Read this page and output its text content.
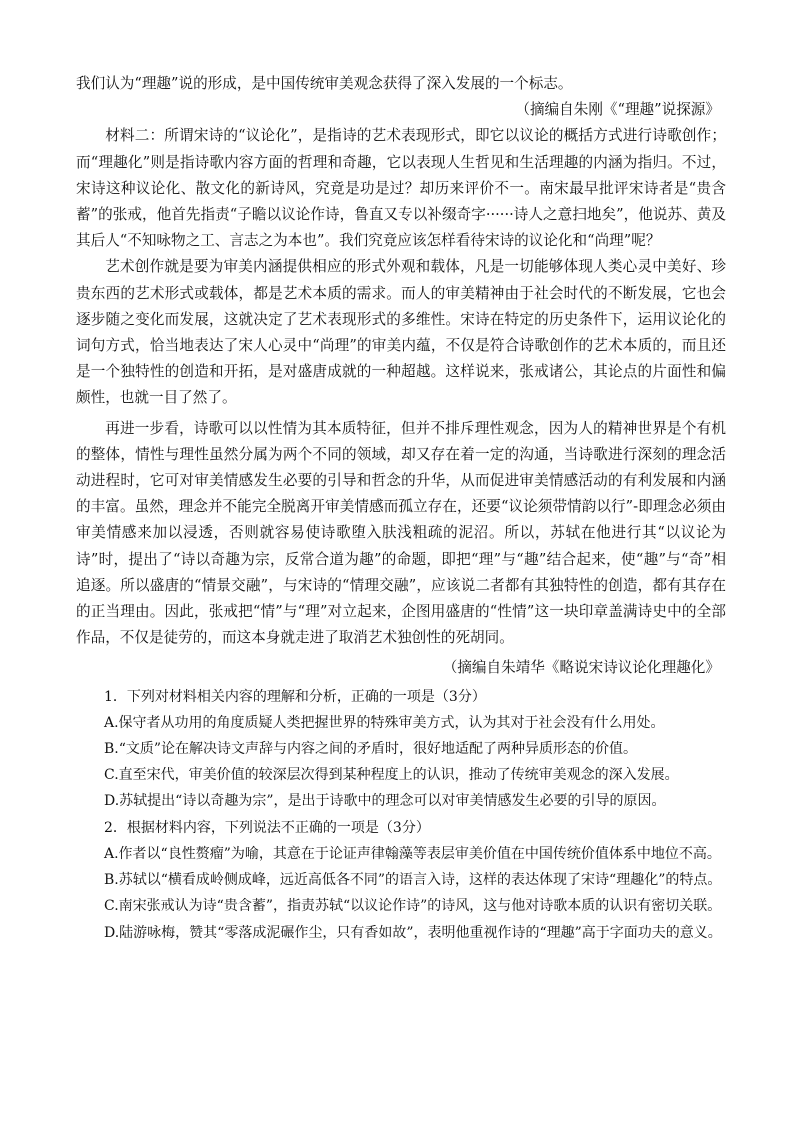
我们认为“理趣”说的形成，是中国传统审美观念获得了深入发展的一个标志。

（摘编自朱刚《“理趣”说探源》

材料二：所谓宋诗的“议论化”，是指诗的艺术表现形式，即它以议论的概括方式进行诗歌创作；而“理趣化”则是指诗歌内容方面的哲理和奇趣，它以表现人生哲见和生活理趣的内涵为指归。不过，宋诗这种议论化、散文化的新诗风，究竟是功是过？却历来评价不一。南宋最早批评宋诗者是“贵含蓄”的张戒，他首先指责“子瞻以议论作诗，鲁直又专以补缀奇字······诗人之意扫地矣”，他说苏、黄及其后人“不知咏物之工、言志之为本也”。我们究竟应该怎样看待宋诗的议论化和“尚理”呢？

艺术创作就是要为审美内涵提供相应的形式外观和载体，凡是一切能够体现人类心灵中美好、珍贵东西的艺术形式或载体，都是艺术本质的需求。而人的审美精神由于社会时代的不断发展，它也会逐步随之变化而发展，这就决定了艺术表现形式的多维性。宋诗在特定的历史条件下，运用议论化的词句方式，恰当地表达了宋人心灵中“尚理”的审美内蕴，不仅是符合诗歌创作的艺术本质的，而且还是一个独特性的创造和开拓，是对盛唐成就的一种超越。这样说来，张戒诸公，其论点的片面性和偏颇性，也就一目了然了。

再进一步看，诗歌可以以性情为其本质特征，但并不排斥理性观念，因为人的精神世界是个有机的整体，情性与理性虽然分属为两个不同的领域，却又存在着一定的沟通，当诗歌进行深刻的理念活动进程时，它可对审美情感发生必要的引导和哲念的升华，从而促进审美情感活动的有利发展和内涵的丰富。虽然，理念并不能完全脱离开审美情感而孤立存在，还要“议论须带情韵以行”-即理念必须由审美情感来加以浸透，否则就容易使诗歌堕入肤浅粗疏的泥沼。所以，苏轼在他进行其“以议论为诗”时，提出了“诗以奇趣为宗，反常合道为趣”的命题，即把“理”与“趣”结合起来，使“趣”与“奇”相追逐。所以盛唐的“情景交融”，与宋诗的“情理交融”，应该说二者都有其独特性的创造，都有其存在的正当理由。因此，张戒把“情”与“理”对立起来，企图用盛唐的“性情”这一块印章盖满诗史中的全部作品，不仅是徒劳的，而这本身就走进了取消艺术独创性的死胡同。

（摘编自朱靖华《略说宋诗议论化理趣化》

1．下列对材料相关内容的理解和分析，正确的一项是（3分）

A.保守者从功用的角度质疑人类把握世界的特殊审美方式，认为其对于社会没有什么用处。

B.“文质”论在解决诗文声辞与内容之间的矛盾时，很好地适配了两种异质形态的价值。

C.直至宋代，审美价值的较深层次得到某种程度上的认识，推动了传统审美观念的深入发展。

D.苏轼提出“诗以奇趣为宗”，是出于诗歌中的理念可以对审美情感发生必要的引导的原因。

2．根据材料内容，下列说法不正确的一项是（3分）

A.作者以“良性赘瘤”为喻，其意在于论证声律翰藻等表层审美价值在中国传统价值体系中地位不高。

B.苏轼以“横看成岭侧成峰，远近高低各不同”的语言入诗，这样的表达体现了宋诗“理趣化”的特点。

C.南宋张戒认为诗“贵含蓄”，指责苏轼“以议论作诗”的诗风，这与他对诗歌本质的认识有密切关联。

D.陆游咏梅，赞其“零落成泥碾作尘，只有香如故”，表明他重视作诗的“理趣”高于字面功夫的意义。
